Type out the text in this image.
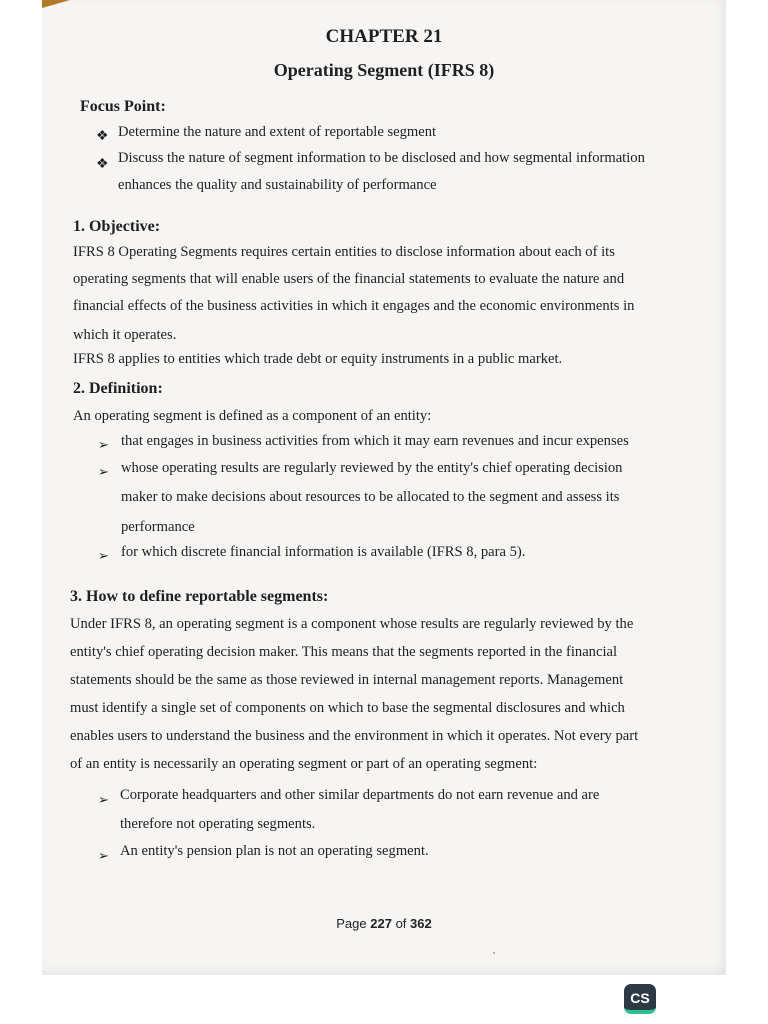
CHAPTER 21
Operating Segment (IFRS 8)
Focus Point:
❖ Determine the nature and extent of reportable segment
❖ Discuss the nature of segment information to be disclosed and how segmental information
enhances the quality and sustainability of performance
1. Objective:
IFRS 8 Operating Segments requires certain entities to disclose information about each of its
operating segments that will enable users of the financial statements to evaluate the nature and
financial effects of the business activities in which it engages and the economic environments in
which it operates.
IFRS 8 applies to entities which trade debt or equity instruments in a public market.
2. Definition:
An operating segment is defined as a component of an entity:
➢ that engages in business activities from which it may earn revenues and incur expenses
➢ whose operating results are regularly reviewed by the entity's chief operating decision
maker to make decisions about resources to be allocated to the segment and assess its
performance
➢ for which discrete financial information is available (IFRS 8, para 5).
3. How to define reportable segments:
Under IFRS 8, an operating segment is a component whose results are regularly reviewed by the
entity's chief operating decision maker. This means that the segments reported in the financial
statements should be the same as those reviewed in internal management reports. Management
must identify a single set of components on which to base the segmental disclosures and which
enables users to understand the business and the environment in which it operates. Not every part
of an entity is necessarily an operating segment or part of an operating segment:
➢ Corporate headquarters and other similar departments do not earn revenue and are
therefore not operating segments.
➢ An entity's pension plan is not an operating segment.
Page 227 of 362
CS
